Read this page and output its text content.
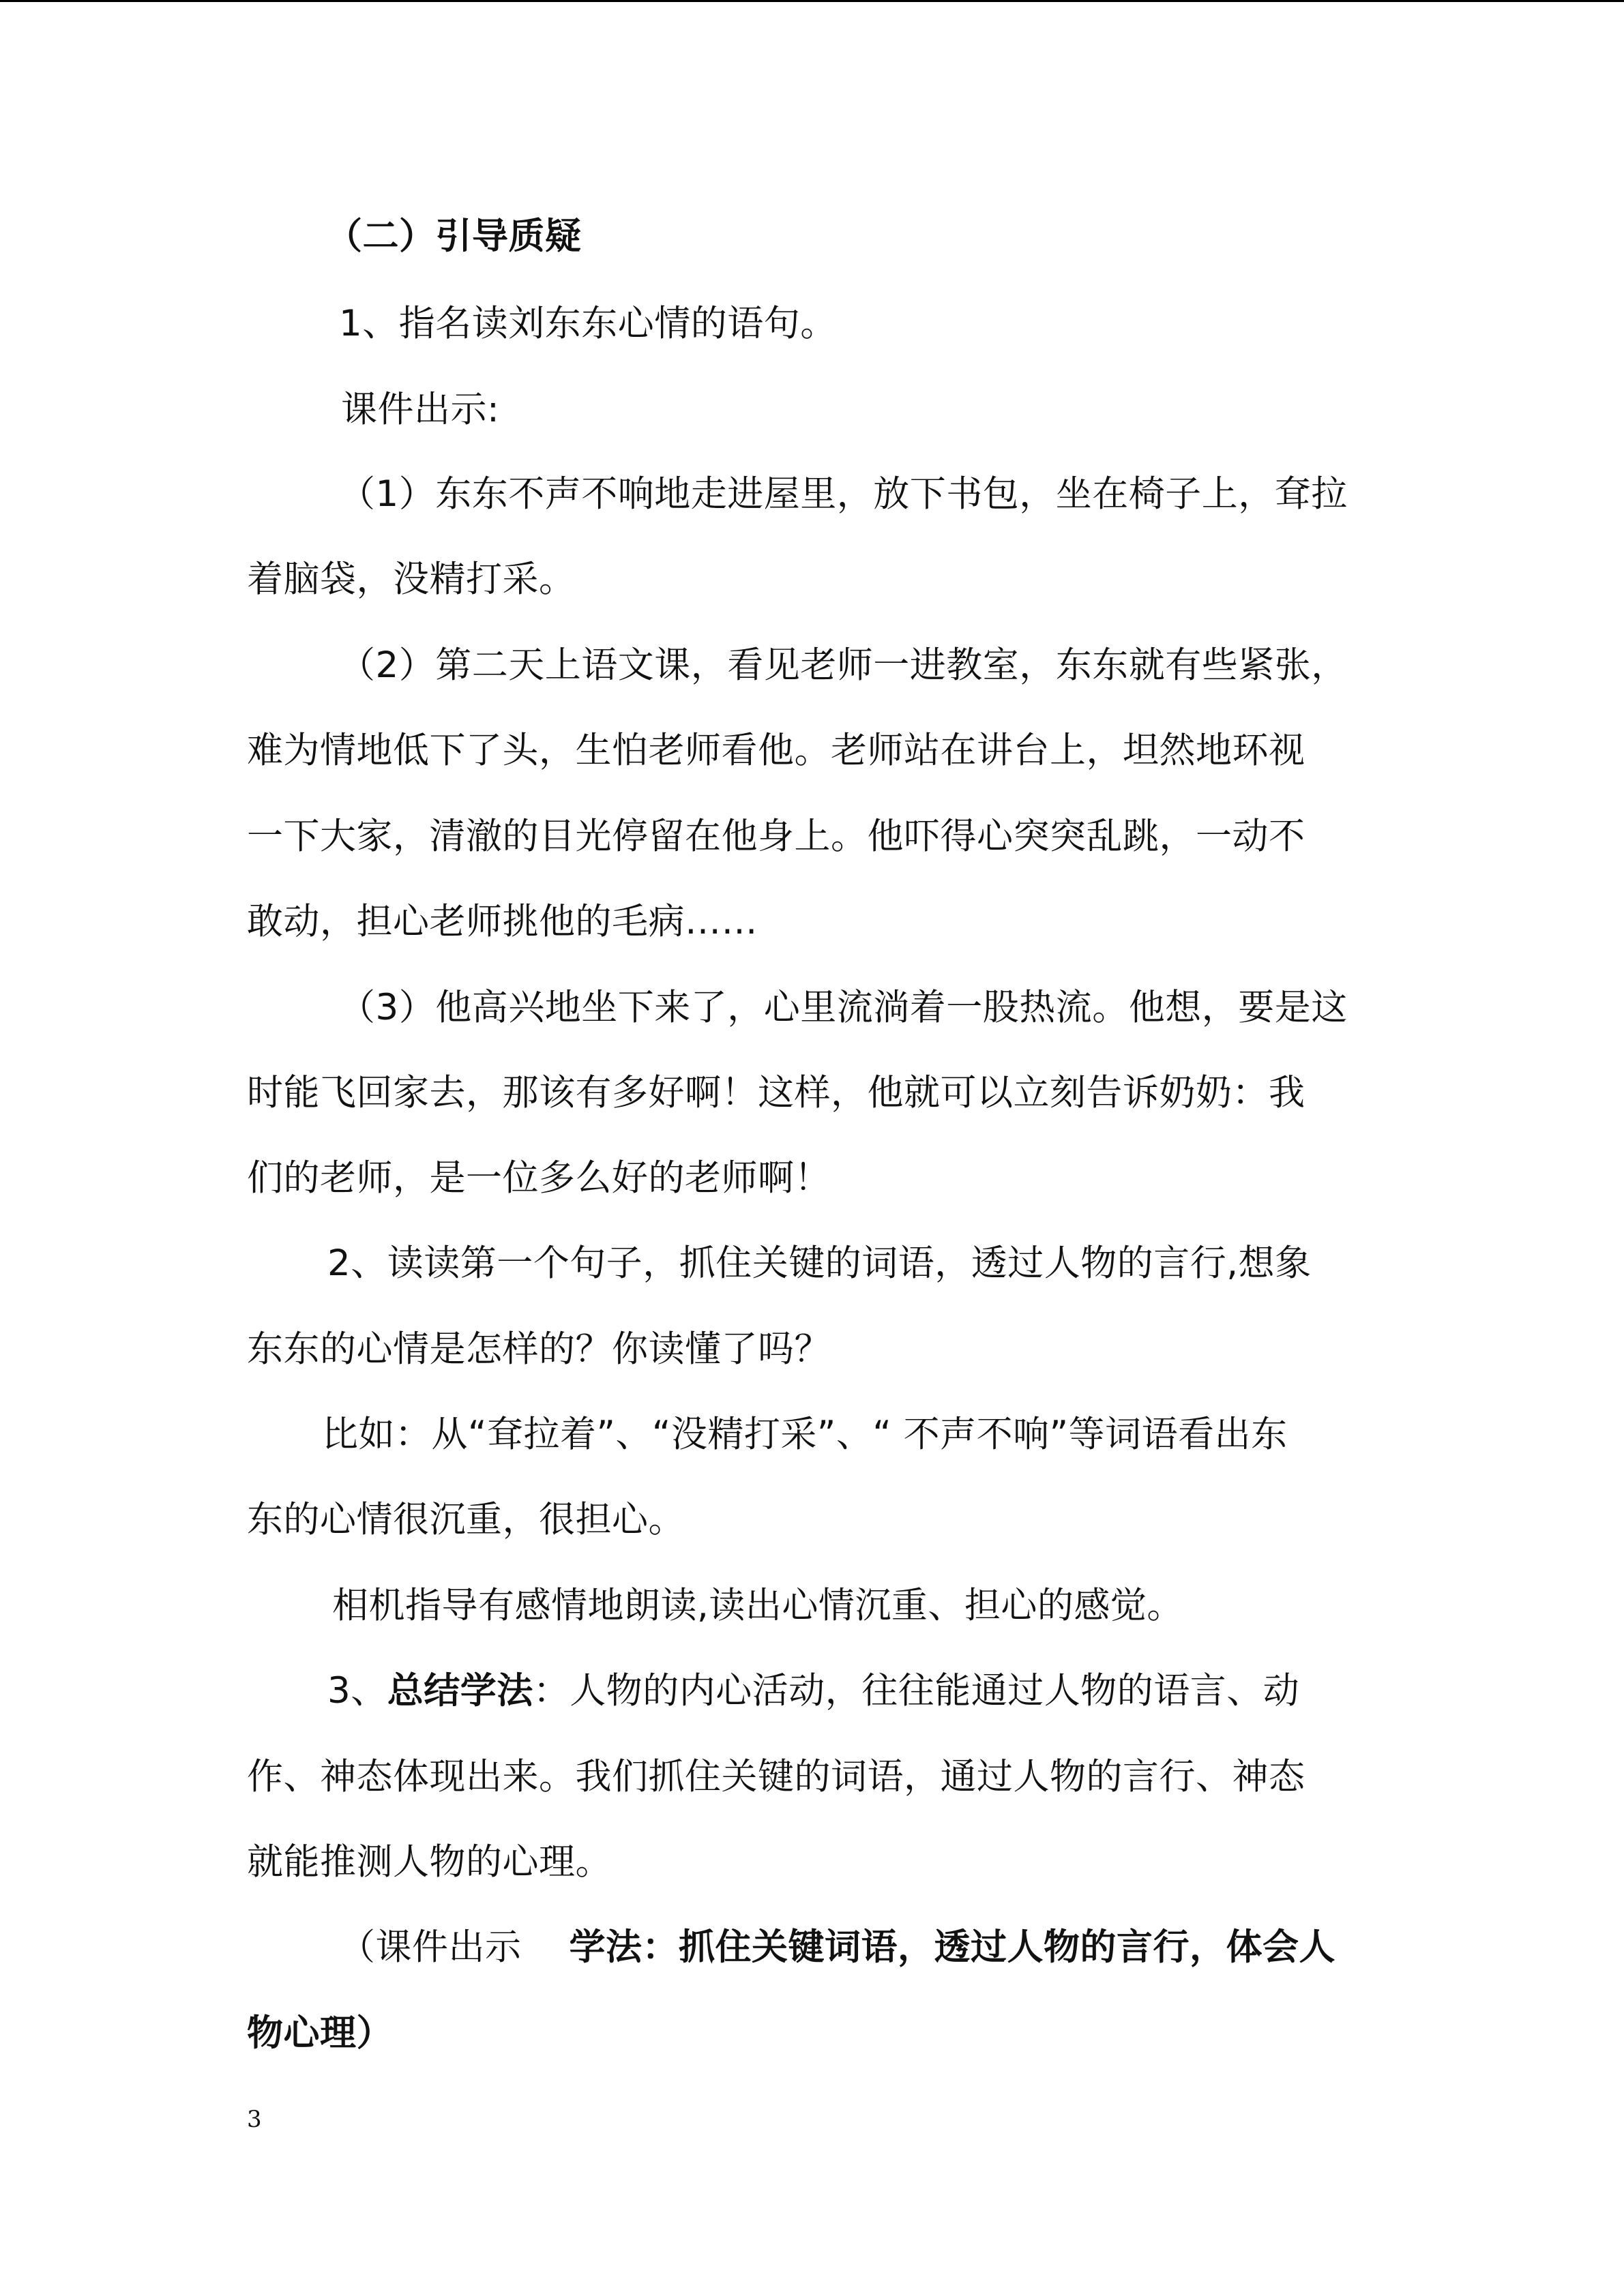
（二）引导质疑

1、指名读刘东东心情的语句。

课件出示:

（1）东东不声不响地走进屋里，放下书包，坐在椅子上，耷拉

着脑袋，没精打采。

（2）第二天上语文课，看见老师一进教室，东东就有些紧张，

难为情地低下了头，生怕老师看他。老师站在讲台上，坦然地环视

一下大家，清澈的目光停留在他身上。他吓得心突突乱跳，一动不

敢动，担心老师挑他的毛病……

（3）他高兴地坐下来了，心里流淌着一股热流。他想，要是这

时能飞回家去，那该有多好啊！这样，他就可以立刻告诉奶奶：我

们的老师，是一位多么好的老师啊！

2、读读第一个句子，抓住关键的词语，透过人物的言行,想象

东东的心情是怎样的？你读懂了吗？

比如：从“耷拉着”、“没精打采”、“ 不声不响”等词语看出东

东的心情很沉重，很担心。

相机指导有感情地朗读,读出心情沉重、担心的感觉。

3、总结学法：人物的内心活动，往往能通过人物的语言、动

作、神态体现出来。我们抓住关键的词语，通过人物的言行、神态

就能推测人物的心理。

（课件出示 学法：抓住关键词语，透过人物的言行，体会人

物心理）

3
